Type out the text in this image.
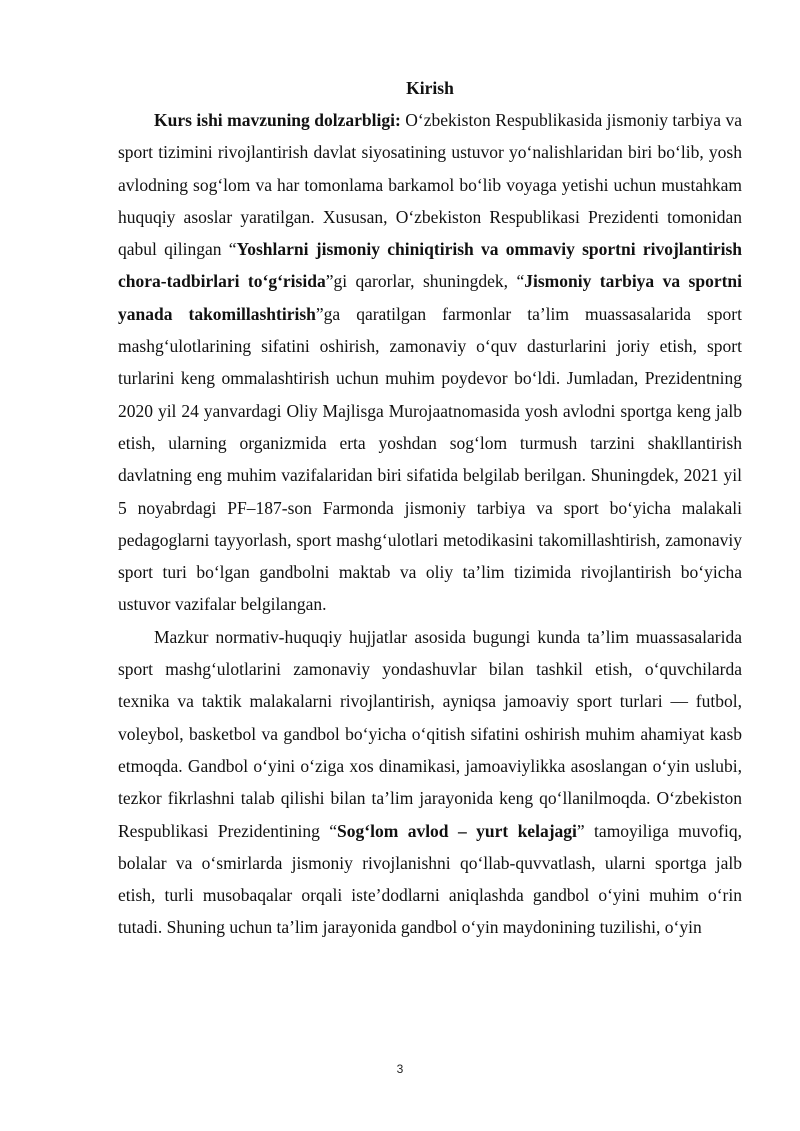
Kirish

Kurs ishi mavzuning dolzarbligi: O‘zbekiston Respublikasida jismoniy tarbiya va sport tizimini rivojlantirish davlat siyosatining ustuvor yo‘nalishlaridan biri bo‘lib, yosh avlodning sog‘lom va har tomonlama barkamol bo‘lib voyaga yetishi uchun mustahkam huquqiy asoslar yaratilgan. Xususan, O‘zbekiston Respublikasi Prezidenti tomonidan qabul qilingan “Yoshlarni jismoniy chiniqtirish va ommaviy sportni rivojlantirish chora-tadbirlari to‘g‘risida”gi qarorlar, shuningdek, “Jismoniy tarbiya va sportni yanada takomillashtirish”ga qaratilgan farmonlar ta’lim muassasalarida sport mashg‘ulotlarining sifatini oshirish, zamonaviy o‘quv dasturlarini joriy etish, sport turlarini keng ommalashtirish uchun muhim poydevor bo‘ldi. Jumladan, Prezidentning 2020 yil 24 yanvardagi Oliy Majlisga Murojaatnomasida yosh avlodni sportga keng jalb etish, ularning organizmida erta yoshdan sog‘lom turmush tarzini shakllantirish davlatning eng muhim vazifalaridan biri sifatida belgilab berilgan. Shuningdek, 2021 yil 5 noyabrdagi PF–187-son Farmonda jismoniy tarbiya va sport bo‘yicha malakali pedagoglarni tayyorlash, sport mashg‘ulotlari metodikasini takomillashtirish, zamonaviy sport turi bo‘lgan gandbolni maktab va oliy ta’lim tizimida rivojlantirish bo‘yicha ustuvor vazifalar belgilangan.

Mazkur normativ-huquqiy hujjatlar asosida bugungi kunda ta’lim muassasalarida sport mashg‘ulotlarini zamonaviy yondashuvlar bilan tashkil etish, o‘quvchilarda texnika va taktik malakalarni rivojlantirish, ayniqsa jamoaviy sport turlari — futbol, voleybol, basketbol va gandbol bo‘yicha o‘qitish sifatini oshirish muhim ahamiyat kasb etmoqda. Gandbol o‘yini o‘ziga xos dinamikasi, jamoaviylikka asoslangan o‘yin uslubi, tezkor fikrlashni talab qilishi bilan ta’lim jarayonida keng qo‘llanilmoqda. O‘zbekiston Respublikasi Prezidentining “Sog‘lom avlod – yurt kelajagi” tamoyiliga muvofiq, bolalar va o‘smirlarda jismoniy rivojlanishni qo‘llab-quvvatlash, ularni sportga jalb etish, turli musobaqalar orqali iste’dodlarni aniqlashda gandbol o‘yini muhim o‘rin tutadi. Shuning uchun ta’lim jarayonida gandbol o‘yin maydonining tuzilishi, o‘yin

3
